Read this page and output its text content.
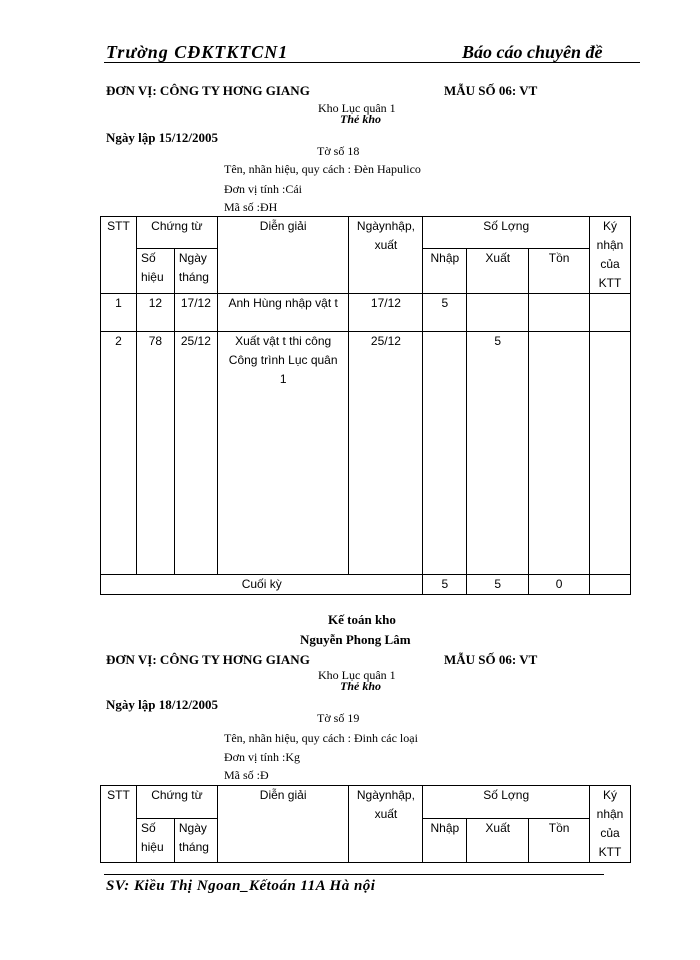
Trường CĐKTKTCN1	Báo cáo chuyên đề
ĐƠN VỊ: CÔNG TY HƠNG GIANG	MẪU SỐ 06: VT
Kho Lục quân 1
Thẻ kho
Ngày lập 15/12/2005
Tờ số 18
Tên, nhãn hiệu, quy cách : Đèn Hapulico
Đơn vị tính :Cái
Mã số :ĐH
STT	Chứng từ		Diễn giải	Ngàynhập, xuất	Số Lợng			Ký nhận của KTT
	Số hiệu	Ngày tháng			Nhập	Xuất	Tồn	
1	12	17/12	Anh Hùng nhập vật t	17/12	5			
2	78	25/12	Xuất vật t thi công Công trình Lục quân 1	25/12		5		
Cuối kỳ					5	5	0	
Kế toán kho
Nguyễn Phong Lâm
ĐƠN VỊ: CÔNG TY HƠNG GIANG	MẪU SỐ 06: VT
Kho Lục quân 1
Thẻ kho
Ngày lập 18/12/2005
Tờ số 19
Tên, nhãn hiệu, quy cách : Đinh các loại
Đơn vị tính :Kg
Mã số :Đ
STT	Chứng từ		Diễn giải	Ngàynhập, xuất	Số Lợng			Ký nhận của KTT
	Số hiệu	Ngày tháng			Nhập	Xuất	Tồn	
SV: Kiều Thị Ngoan_Kếtoán 11A Hà nội
